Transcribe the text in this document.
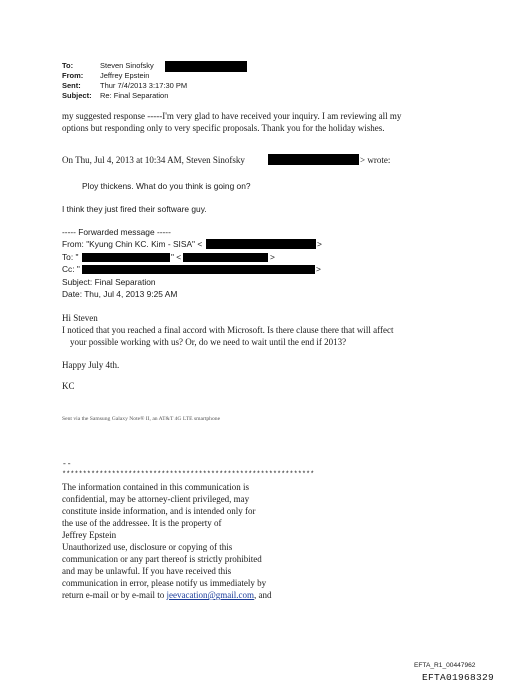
To:	Steven Sinofsky
From: Jeffrey Epstein
Sent:	Thur 7/4/2013 3:17:30 PM
Subject: Re: Final Separation
my suggested response -----I'm very glad to have received your inquiry. I am reviewing all my
options but responding only to very specific proposals. Thank you for the holiday wishes.
On Thu, Jul 4, 2013 at 10:34 AM, Steven Sinofsky	> wrote:
Ploy thickens. What do you think is going on?
I think they just fired their software guy.
----- Forwarded message -----
From: "Kyung Chin KC. Kim - SISA" <	>
To: "	" <	>
Cc: "	>
Subject: Final Separation
Date: Thu, Jul 4, 2013 9:25 AM
Hi Steven
I noticed that you reached a final accord with Microsoft. Is there clause there that will affect
your possible working with us? Or, do we need to wait until the end if 2013?
Happy July 4th.
KC
Sent via the Samsung Galaxy Note® II, an AT&T 4G LTE smartphone
--
*************************************************************
The information contained in this communication is
confidential, may be attorney-client privileged, may
constitute inside information, and is intended only for
the use of the addressee. It is the property of
Jeffrey Epstein
Unauthorized use, disclosure or copying of this
communication or any part thereof is strictly prohibited
and may be unlawful. If you have received this
communication in error, please notify us immediately by
return e-mail or by e-mail to jeevacation@gmail.com, and
EFTA_R1_00447962
EFTA01968329
